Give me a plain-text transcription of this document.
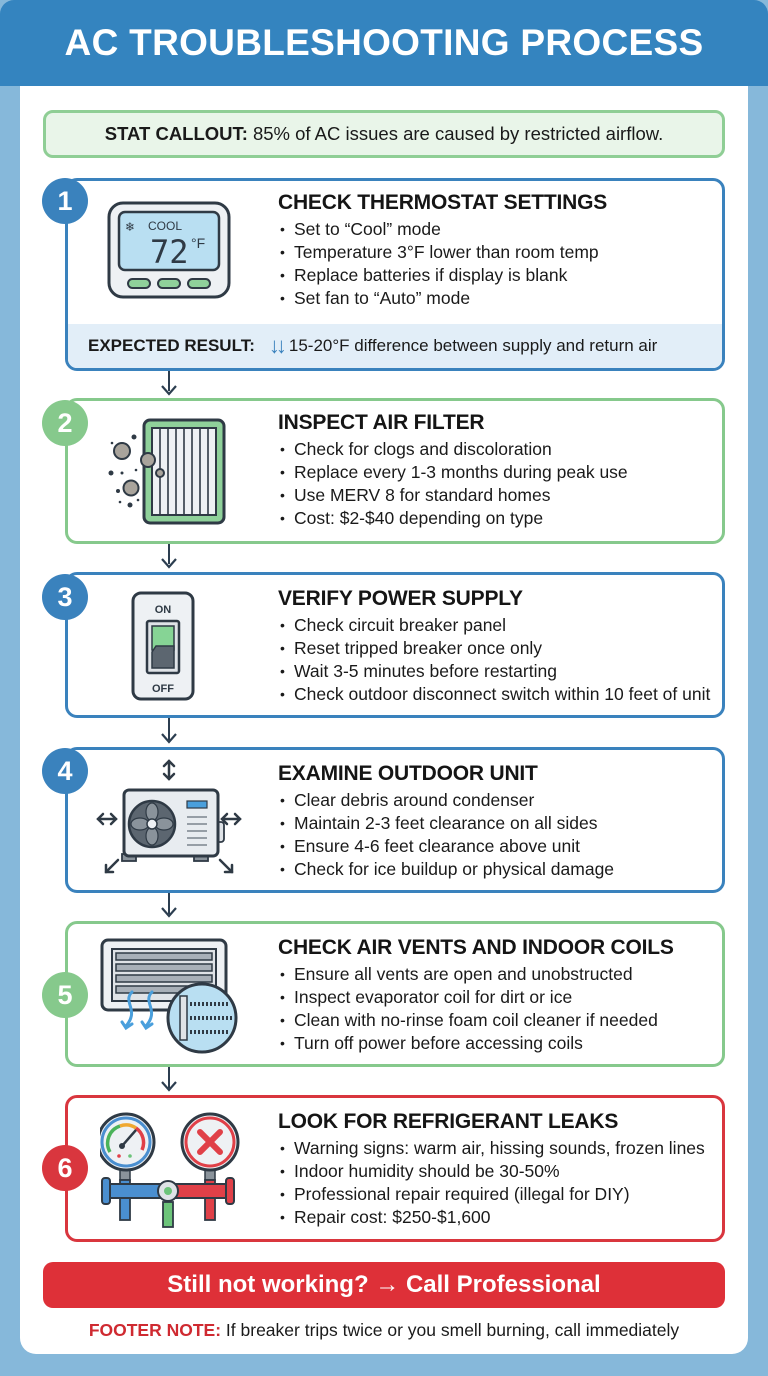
AC TROUBLESHOOTING PROCESS
STAT CALLOUT: 85% of AC issues are caused by restricted airflow.
CHECK THERMOSTAT SETTINGS
• Set to “Cool” mode
• Temperature 3°F lower than room temp
• Replace batteries if display is blank
• Set fan to “Auto” mode
EXPECTED RESULT: ↓↓ 15-20°F difference between supply and return air
1
❄ COOL
72 °F
INSPECT AIR FILTER
• Check for clogs and discoloration
• Replace every 1-3 months during peak use
• Use MERV 8 for standard homes
• Cost: $2-$40 depending on type
2
VERIFY POWER SUPPLY
• Check circuit breaker panel
• Reset tripped breaker once only
• Wait 3-5 minutes before restarting
• Check outdoor disconnect switch within 10 feet of unit
3	ON
OFF
EXAMINE OUTDOOR UNIT
• Clear debris around condenser
• Maintain 2-3 feet clearance on all sides
• Ensure 4-6 feet clearance above unit
• Check for ice buildup or physical damage
4
CHECK AIR VENTS AND INDOOR COILS
• Ensure all vents are open and unobstructed
• Inspect evaporator coil for dirt or ice
• Clean with no-rinse foam coil cleaner if needed
• Turn off power before accessing coils
5
LOOK FOR REFRIGERANT LEAKS
• Warning signs: warm air, hissing sounds, frozen lines
• Indoor humidity should be 30-50%
• Professional repair required (illegal for DIY)
• Repair cost: $250-$1,600
6
Still not working? → Call Professional
FOOTER NOTE: If breaker trips twice or you smell burning, call immediately
